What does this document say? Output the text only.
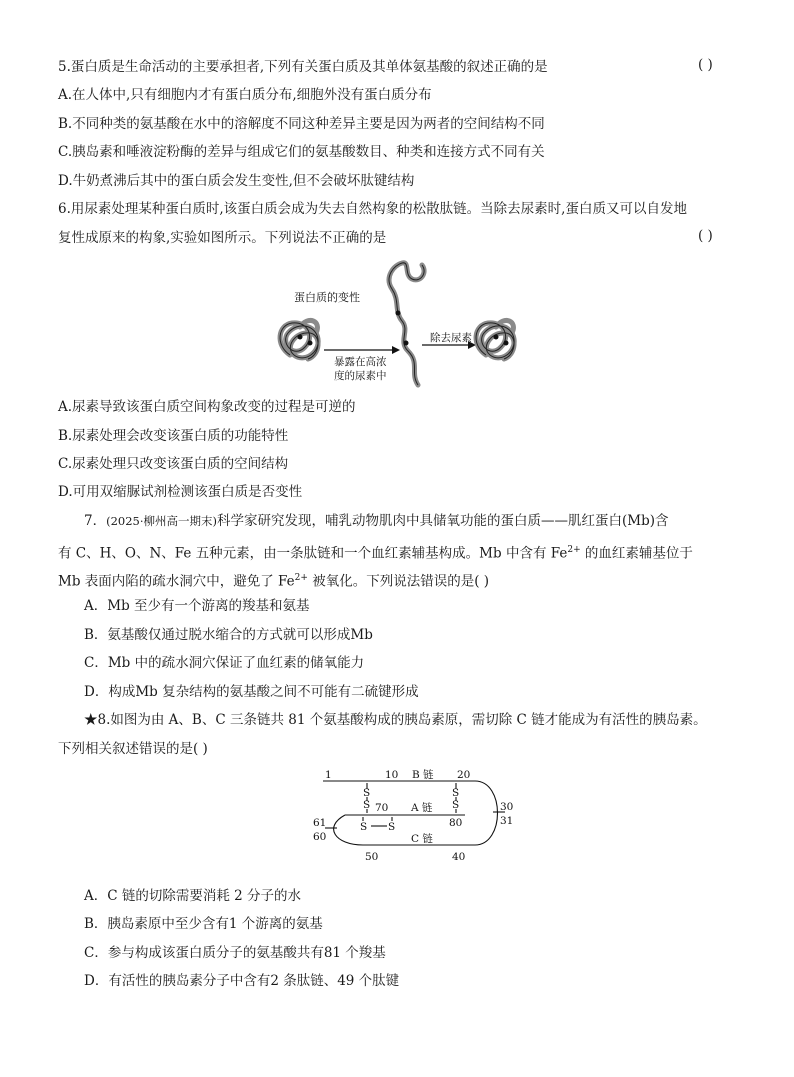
5.蛋白质是生命活动的主要承担者,下列有关蛋白质及其单体氨基酸的叙述正确的是	( )
A.在人体中,只有细胞内才有蛋白质分布,细胞外没有蛋白质分布
B.不同种类的氨基酸在水中的溶解度不同这种差异主要是因为两者的空间结构不同
C.胰岛素和唾液淀粉酶的差异与组成它们的氨基酸数目、种类和连接方式不同有关
D.牛奶煮沸后其中的蛋白质会发生变性,但不会破坏肽键结构
6.用尿素处理某种蛋白质时,该蛋白质会成为失去自然构象的松散肽链。当除去尿素时,蛋白质又可以自发地
复性成原来的构象,实验如图所示。下列说法不正确的是	( )
蛋白质的变性
暴露在高浓
度的尿素中
除去尿素
A.尿素导致该蛋白质空间构象改变的过程是可逆的
B.尿素处理会改变该蛋白质的功能特性
C.尿素处理只改变该蛋白质的空间结构
D.可用双缩脲试剂检测该蛋白质是否变性
7．(2025·柳州高一期末)科学家研究发现，哺乳动物肌肉中具储氧功能的蛋白质——肌红蛋白(Mb)含
有 C、H、O、N、Fe 五种元素，由一条肽链和一个血红素辅基构成。Mb 中含有 $Fe^{2+}$ 的血红素辅基位于
Mb 表面内陷的疏水洞穴中，避免了 $Fe^{2+}$ 被氧化。下列说法错误的是( )
A．Mb 至少有一个游离的羧基和氨基
B．氨基酸仅通过脱水缩合的方式就可以形成Mb
C．Mb 中的疏水洞穴保证了血红素的储氧能力
D．构成Mb 复杂结构的氨基酸之间不可能有二硫键形成
★8.如图为由 A、B、C 三条链共 81 个氨基酸构成的胰岛素原，需切除 C 链才能成为有活性的胰岛素。
下列相关叙述错误的是( )
1	10 B 链 20
S
S
S
S
70 A 链
80
S S
61
60
30
31
C 链
50	40
A．C 链的切除需要消耗 2 分子的水
B．胰岛素原中至少含有1 个游离的氨基
C．参与构成该蛋白质分子的氨基酸共有81 个羧基
D．有活性的胰岛素分子中含有2 条肽链、49 个肽键
